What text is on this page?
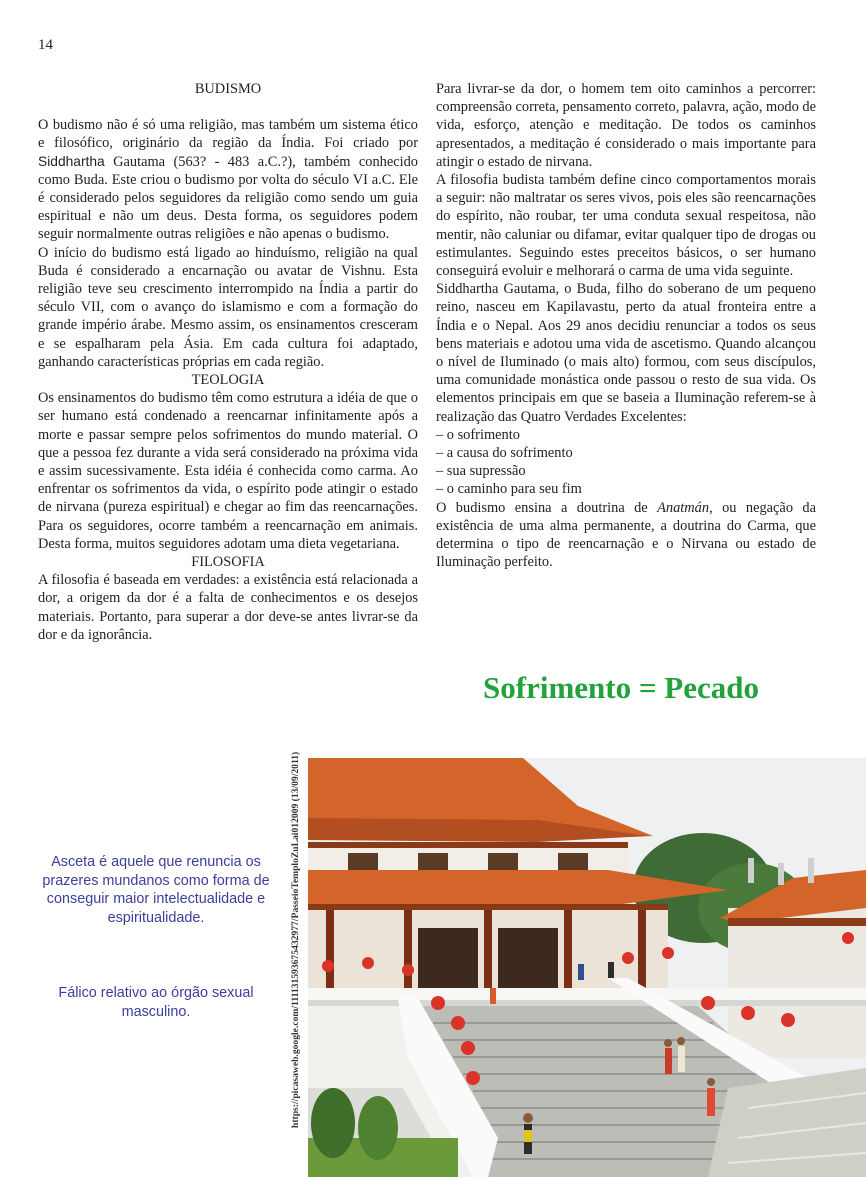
14

BUDISMO

O budismo não é só uma religião, mas também um sistema ético e filosófico, originário da região da Índia. Foi criado por Siddhartha Gautama (563? - 483 a.C.?), também conhecido como Buda. Este criou o budismo por volta do século VI a.C. Ele é considerado pelos seguidores da religião como sendo um guia espiritual e não um deus. Desta forma, os seguidores podem seguir normalmente outras religiões e não apenas o budismo.

O início do budismo está ligado ao hinduísmo, religião na qual Buda é considerado a encarnação ou avatar de Vishnu. Esta religião teve seu crescimento interrompido na Índia a partir do século VII, com o avanço do islamismo e com a formação do grande império árabe. Mesmo assim, os ensinamentos cresceram e se espalharam pela Ásia. Em cada cultura foi adaptado, ganhando características próprias em cada região.

TEOLOGIA

Os ensinamentos do budismo têm como estrutura a idéia de que o ser humano está condenado a reencarnar infinitamente após a morte e passar sempre pelos sofrimentos do mundo material. O que a pessoa fez durante a vida será considerado na próxima vida e assim sucessivamente. Esta idéia é conhecida como carma. Ao enfrentar os sofrimentos da vida, o espírito pode atingir o estado de nirvana (pureza espiritual) e chegar ao fim das reencarnações. Para os seguidores, ocorre também a reencarnação em animais. Desta forma, muitos seguidores adotam uma dieta vegetariana.

FILOSOFIA

A filosofia é baseada em verdades: a existência está relacionada a dor, a origem da dor é a falta de conhecimentos e os desejos materiais. Portanto, para superar a dor deve-se antes livrar-se da dor e da ignorância.

Para livrar-se da dor, o homem tem oito caminhos a percorrer: compreensão correta, pensamento correto, palavra, ação, modo de vida, esforço, atenção e meditação. De todos os caminhos apresentados, a meditação é considerado o mais importante para atingir o estado de nirvana.

A filosofia budista também define cinco comportamentos morais a seguir: não maltratar os seres vivos, pois eles são reencarnações do espírito, não roubar, ter uma conduta sexual respeitosa, não mentir, não caluniar ou difamar, evitar qualquer tipo de drogas ou estimulantes. Seguindo estes preceitos básicos, o ser humano conseguirá evoluir e melhorará o carma de uma vida seguinte.

Siddhartha Gautama, o Buda, filho do soberano de um pequeno reino, nasceu em Kapilavastu, perto da atual fronteira entre a Índia e o Nepal. Aos 29 anos decidiu renunciar a todos os seus bens materiais e adotou uma vida de ascetismo. Quando alcançou o nível de Iluminado (o mais alto) formou, com seus discípulos, uma comunidade monástica onde passou o resto de sua vida. Os elementos principais em que se baseia a Iluminação referem-se à realização das Quatro Verdades Excelentes:

– o sofrimento

– a causa do sofrimento

– sua supressão

– o caminho para seu fim

O budismo ensina a doutrina de Anatmán, ou negação da existência de uma alma permanente, a doutrina do Carma, que determina o tipo de reencarnação e o Nirvana ou estado de Iluminação perfeito.

Sofrimento = Pecado
Asceta é aquele que renuncia os prazeres mundanos como forma de conseguir maior intelectualidade e espiritualidade.
Fálico relativo ao órgão sexual masculino.	https://picasaweb.google.com/111131593675432977/PasseioTemploZuLai012009 (13/09/2011)
